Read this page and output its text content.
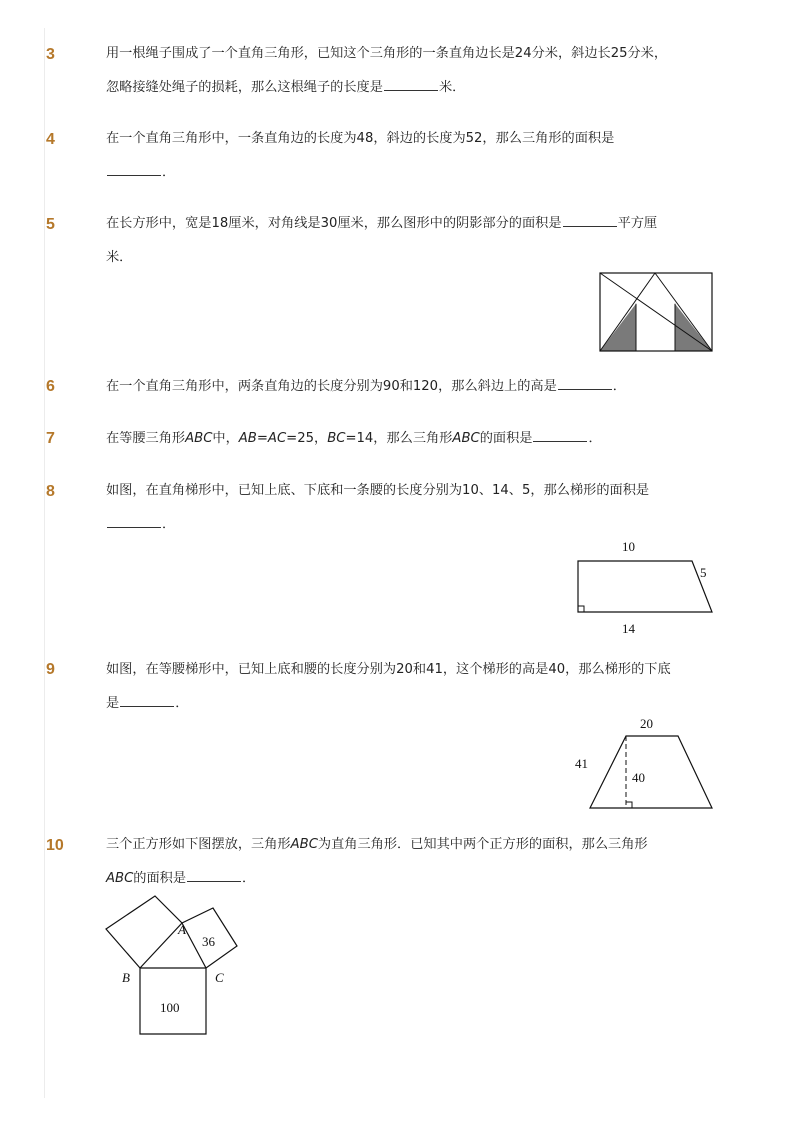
3	用一根绳子围成了一个直角三角形，已知这个三角形的一条直角边长是24分米，斜边长25分米，
忽略接缝处绳子的损耗，那么这根绳子的长度是	米．
4	在一个直角三角形中，一条直角边的长度为48，斜边的长度为52，那么三角形的面积是
．
5	在长方形中，宽是18厘米，对角线是30厘米，那么图形中的阴影部分的面积是	平方厘
米．
6	在一个直角三角形中，两条直角边的长度分别为90和120，那么斜边上的高是	．
7	在等腰三角形ABC中，AB=AC=25，BC=14，那么三角形ABC的面积是	．
8	如图，在直角梯形中，已知上底、下底和一条腰的长度分别为10、14、5，那么梯形的面积是
．
10
5
14
9	如图，在等腰梯形中，已知上底和腰的长度分别为20和41，这个梯形的高是40，那么梯形的下底
是	．
20
41
40
10	三个正方形如下图摆放，三角形ABC为直角三角形．已知其中两个正方形的面积，那么三角形
ABC的面积是	．
A
B	C
36
100
